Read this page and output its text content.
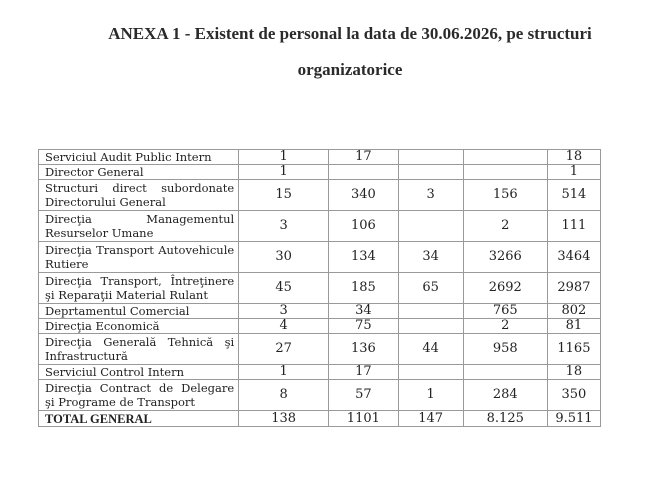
ANEXA 1 - Existent de personal la data de 30.06.2026, pe structuri
organizatorice
Serviciul Audit Public Intern	1	17			18
Director General	1				1
Structuri direct subordonate Directorului General	15	340	3	156	514
Direcţia Managementul Resurselor Umane	3	106		2	111
Direcţia Transport Autovehicule Rutiere	30	134	34	3266	3464
Direcţia Transport, Întreţinere şi Reparaţii Material Rulant	45	185	65	2692	2987
Deprtamentul Comercial	3	34		765	802
Direcţia Economică	4	75		2	81
Direcţia Generală Tehnică şi Infrastructură	27	136	44	958	1165
Serviciul Control Intern	1	17			18
Direcţia Contract de Delegare şi Programe de Transport	8	57	1	284	350
TOTAL GENERAL	138	1101	147	8.125	9.511
